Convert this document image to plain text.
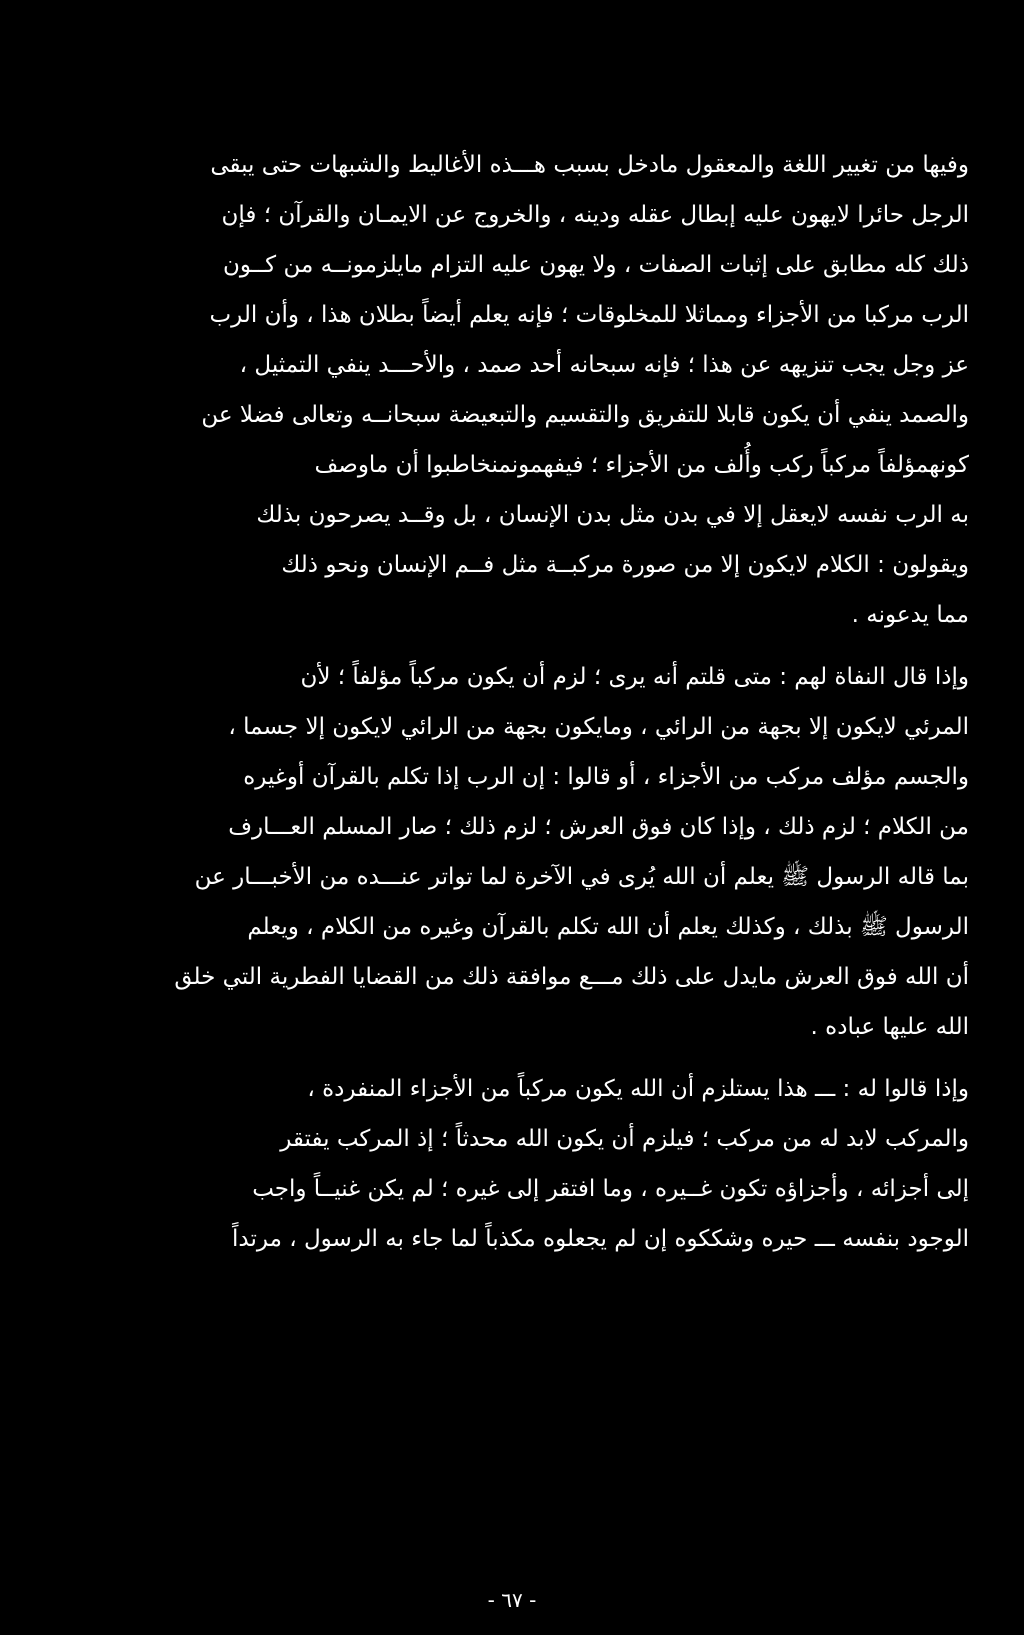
وفيها من تغيير اللغة والمعقول مادخل بسبب هـــذه الأغاليط والشبهات حتى يبقى
الرجل حائرا لايهون عليه إبطال عقله ودينه ، والخروج عن الايمـان والقرآن ؛ فإن
ذلك كله مطابق على إثبات الصفات ، ولا يهون عليه التزام مايلزمونــه من كــون
الرب مركبا من الأجزاء ومماثلا للمخلوقات ؛ فإنه يعلم أيضاً بطلان هذا ، وأن الرب
عز وجل يجب تنزيهه عن هذا ؛ فإنه سبحانه أحد صمد ، والأحـــد ينفي التمثيل ،
والصمد ينفي أن يكون قابلا للتفريق والتقسيم والتبعيضة سبحانــه وتعالى فضلا عن
كونهمؤلفاً مركباً ركب وأُلف من الأجزاء ؛ فيفهمونمنخاطبوا أن ماوصف
به الرب نفسه لايعقل إلا في بدن مثل بدن الإنسان ، بل وقــد يصرحون بذلك
ويقولون : الكلام لايكون إلا من صورة مركبــة مثل فــم الإنسان ونحو ذلك
مما يدعونه .
وإذا قال النفاة لهم : متى قلتم أنه يرى ؛ لزم أن يكون مركباً مؤلفاً ؛ لأن
المرئي لايكون إلا بجهة من الرائي ، ومايكون بجهة من الرائي لايكون إلا جسما ،
والجسم مؤلف مركب من الأجزاء ، أو قالوا : إن الرب إذا تكلم بالقرآن أوغيره
من الكلام ؛ لزم ذلك ، وإذا كان فوق العرش ؛ لزم ذلك ؛ صار المسلم العـــارف
بما قاله الرسول ﷺ يعلم أن الله يُرى في الآخرة لما تواتر عنـــده من الأخبـــار عن
الرسول ﷺ بذلك ، وكذلك يعلم أن الله تكلم بالقرآن وغيره من الكلام ، ويعلم
أن الله فوق العرش مايدل على ذلك مـــع موافقة ذلك من القضايا الفطرية التي خلق
الله عليها عباده .
وإذا قالوا له : ـــ هذا يستلزم أن الله يكون مركباً من الأجزاء المنفردة ،
والمركب لابد له من مركب ؛ فيلزم أن يكون الله محدثاً ؛ إذ المركب يفتقر
إلى أجزائه ، وأجزاؤه تكون غــيره ، وما افتقر إلى غيره ؛ لم يكن غنيــاً واجب
الوجود بنفسه ـــ حيره وشككوه إن لم يجعلوه مكذباً لما جاء به الرسول ، مرتداً
- ٦٧ -
